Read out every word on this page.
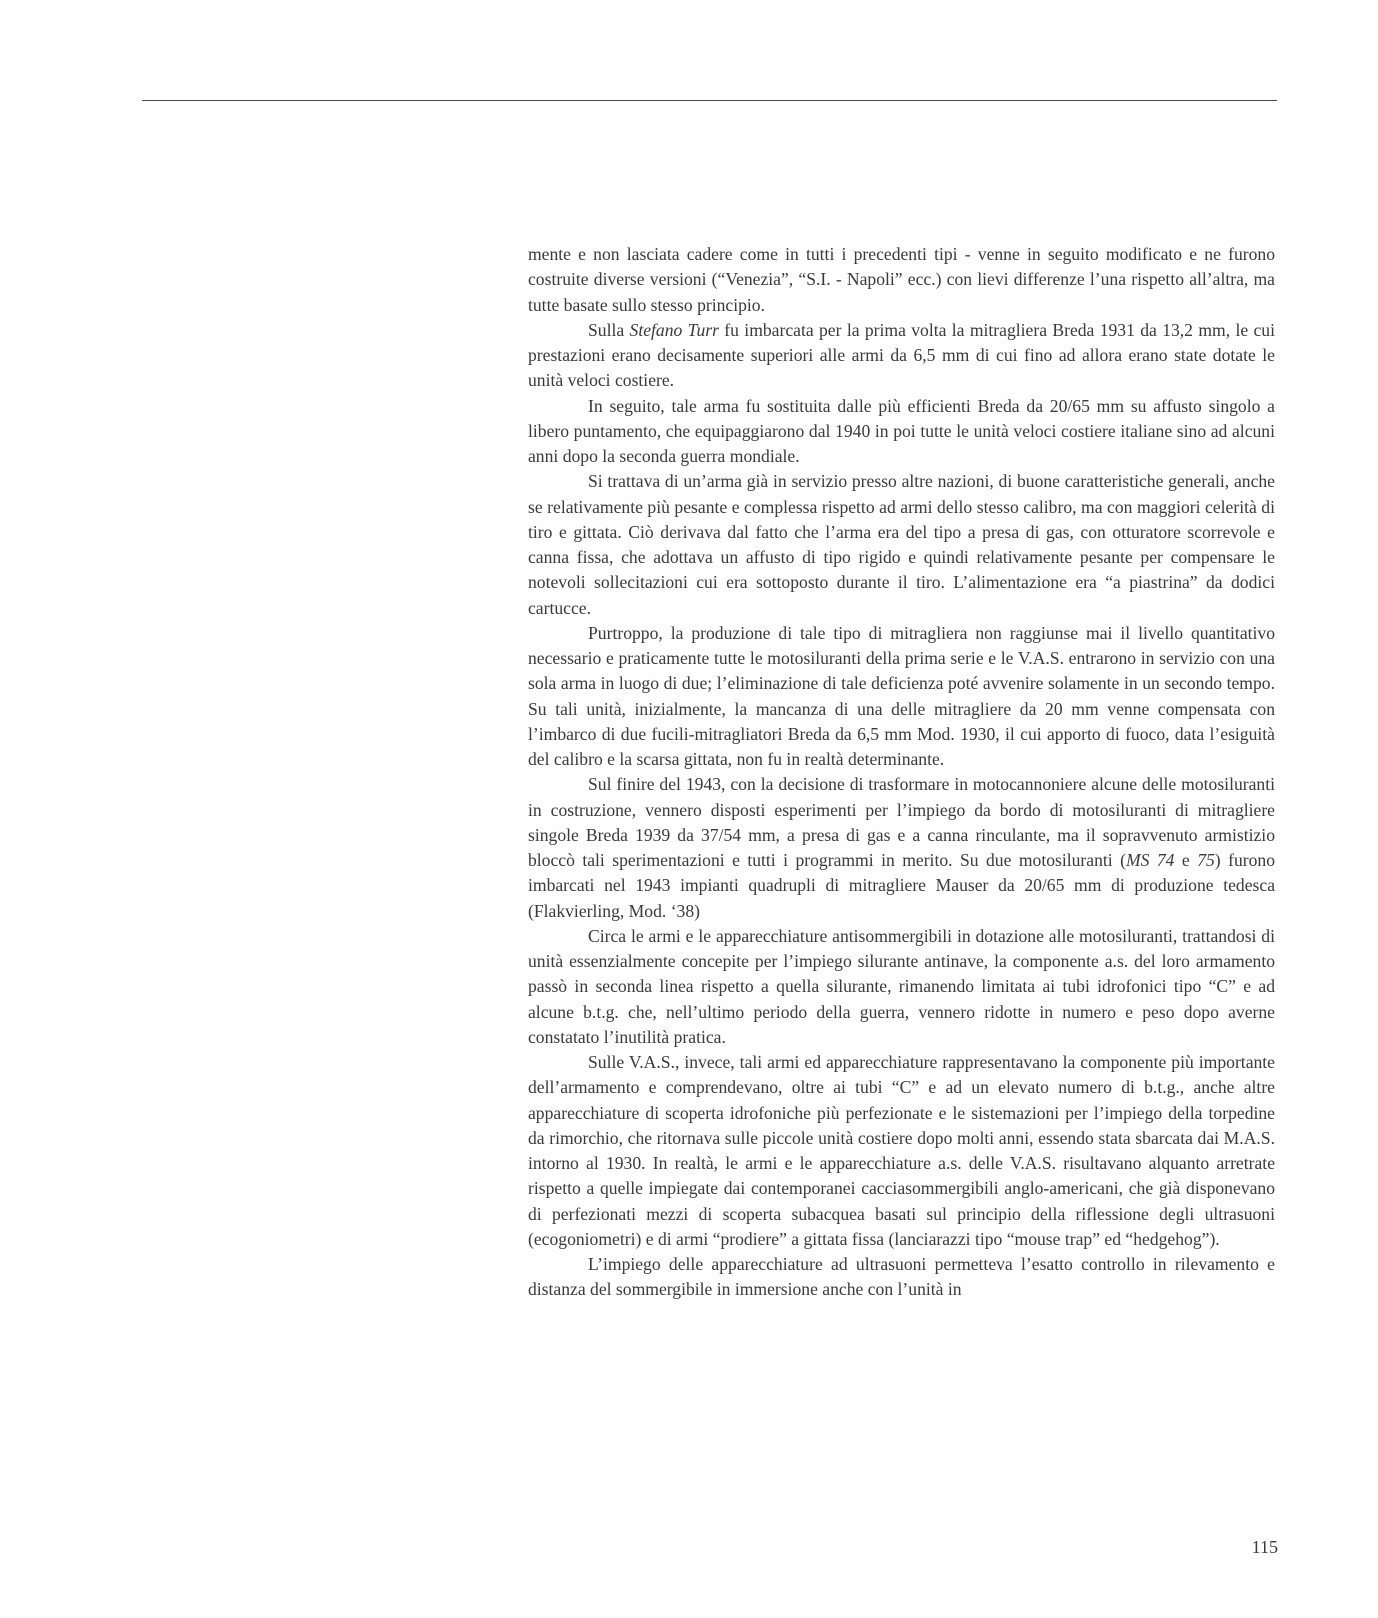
mente e non lasciata cadere come in tutti i precedenti tipi - venne in seguito modificato e ne furono costruite diverse versioni (“Venezia”, “S.I. - Napoli” ecc.) con lievi differenze l’una rispetto all’altra, ma tutte basate sullo stesso principio.

Sulla Stefano Turr fu imbarcata per la prima volta la mitragliera Breda 1931 da 13,2 mm, le cui prestazioni erano decisamente superiori alle armi da 6,5 mm di cui fino ad allora erano state dotate le unità veloci costiere.

In seguito, tale arma fu sostituita dalle più efficienti Breda da 20/65 mm su affusto singolo a libero puntamento, che equipaggiarono dal 1940 in poi tutte le unità veloci costiere italiane sino ad alcuni anni dopo la seconda guerra mondiale.

Si trattava di un’arma già in servizio presso altre nazioni, di buone caratteristiche generali, anche se relativamente più pesante e complessa rispetto ad armi dello stesso calibro, ma con maggiori celerità di tiro e gittata. Ciò derivava dal fatto che l’arma era del tipo a presa di gas, con otturatore scorrevole e canna fissa, che adottava un affusto di tipo rigido e quindi relativamente pesante per compensare le notevoli sollecitazioni cui era sottoposto durante il tiro. L’alimentazione era “a piastrina” da dodici cartucce.

Purtroppo, la produzione di tale tipo di mitragliera non raggiunse mai il livello quantitativo necessario e praticamente tutte le motosiluranti della prima serie e le V.A.S. entrarono in servizio con una sola arma in luogo di due; l’eliminazione di tale deficienza poté avvenire solamente in un secondo tempo. Su tali unità, inizialmente, la mancanza di una delle mitragliere da 20 mm venne compensata con l’imbarco di due fucili-mitragliatori Breda da 6,5 mm Mod. 1930, il cui apporto di fuoco, data l’esiguità del calibro e la scarsa gittata, non fu in realtà determinante.

Sul finire del 1943, con la decisione di trasformare in motocannoniere alcune delle motosiluranti in costruzione, vennero disposti esperimenti per l’impiego da bordo di motosiluranti di mitragliere singole Breda 1939 da 37/54 mm, a presa di gas e a canna rinculante, ma il sopravvenuto armistizio bloccò tali sperimentazioni e tutti i programmi in merito. Su due motosiluranti (MS 74 e 75) furono imbarcati nel 1943 impianti quadrupli di mitragliere Mauser da 20/65 mm di produzione tedesca (Flakvierling, Mod. ‘38)

Circa le armi e le apparecchiature antisommergibili in dotazione alle motosiluranti, trattandosi di unità essenzialmente concepite per l’impiego silurante antinave, la componente a.s. del loro armamento passò in seconda linea rispetto a quella silurante, rimanendo limitata ai tubi idrofonici tipo “C” e ad alcune b.t.g. che, nell’ultimo periodo della guerra, vennero ridotte in numero e peso dopo averne constatato l’inutilità pratica.

Sulle V.A.S., invece, tali armi ed apparecchiature rappresentavano la componente più importante dell’armamento e comprendevano, oltre ai tubi “C” e ad un elevato numero di b.t.g., anche altre apparecchiature di scoperta idrofoniche più perfezionate e le sistemazioni per l’impiego della torpedine da rimorchio, che ritornava sulle piccole unità costiere dopo molti anni, essendo stata sbarcata dai M.A.S. intorno al 1930. In realtà, le armi e le apparecchiature a.s. delle V.A.S. risultavano alquanto arretrate rispetto a quelle impiegate dai contemporanei cacciasommergibili anglo-americani, che già disponevano di perfezionati mezzi di scoperta subacquea basati sul principio della riflessione degli ultrasuoni (ecogoniometri) e di armi “prodiere” a gittata fissa (lanciarazzi tipo “mouse trap” ed “hedgehog”).

L’impiego delle apparecchiature ad ultrasuoni permetteva l’esatto controllo in rilevamento e distanza del sommergibile in immersione anche con l’unità in

115
